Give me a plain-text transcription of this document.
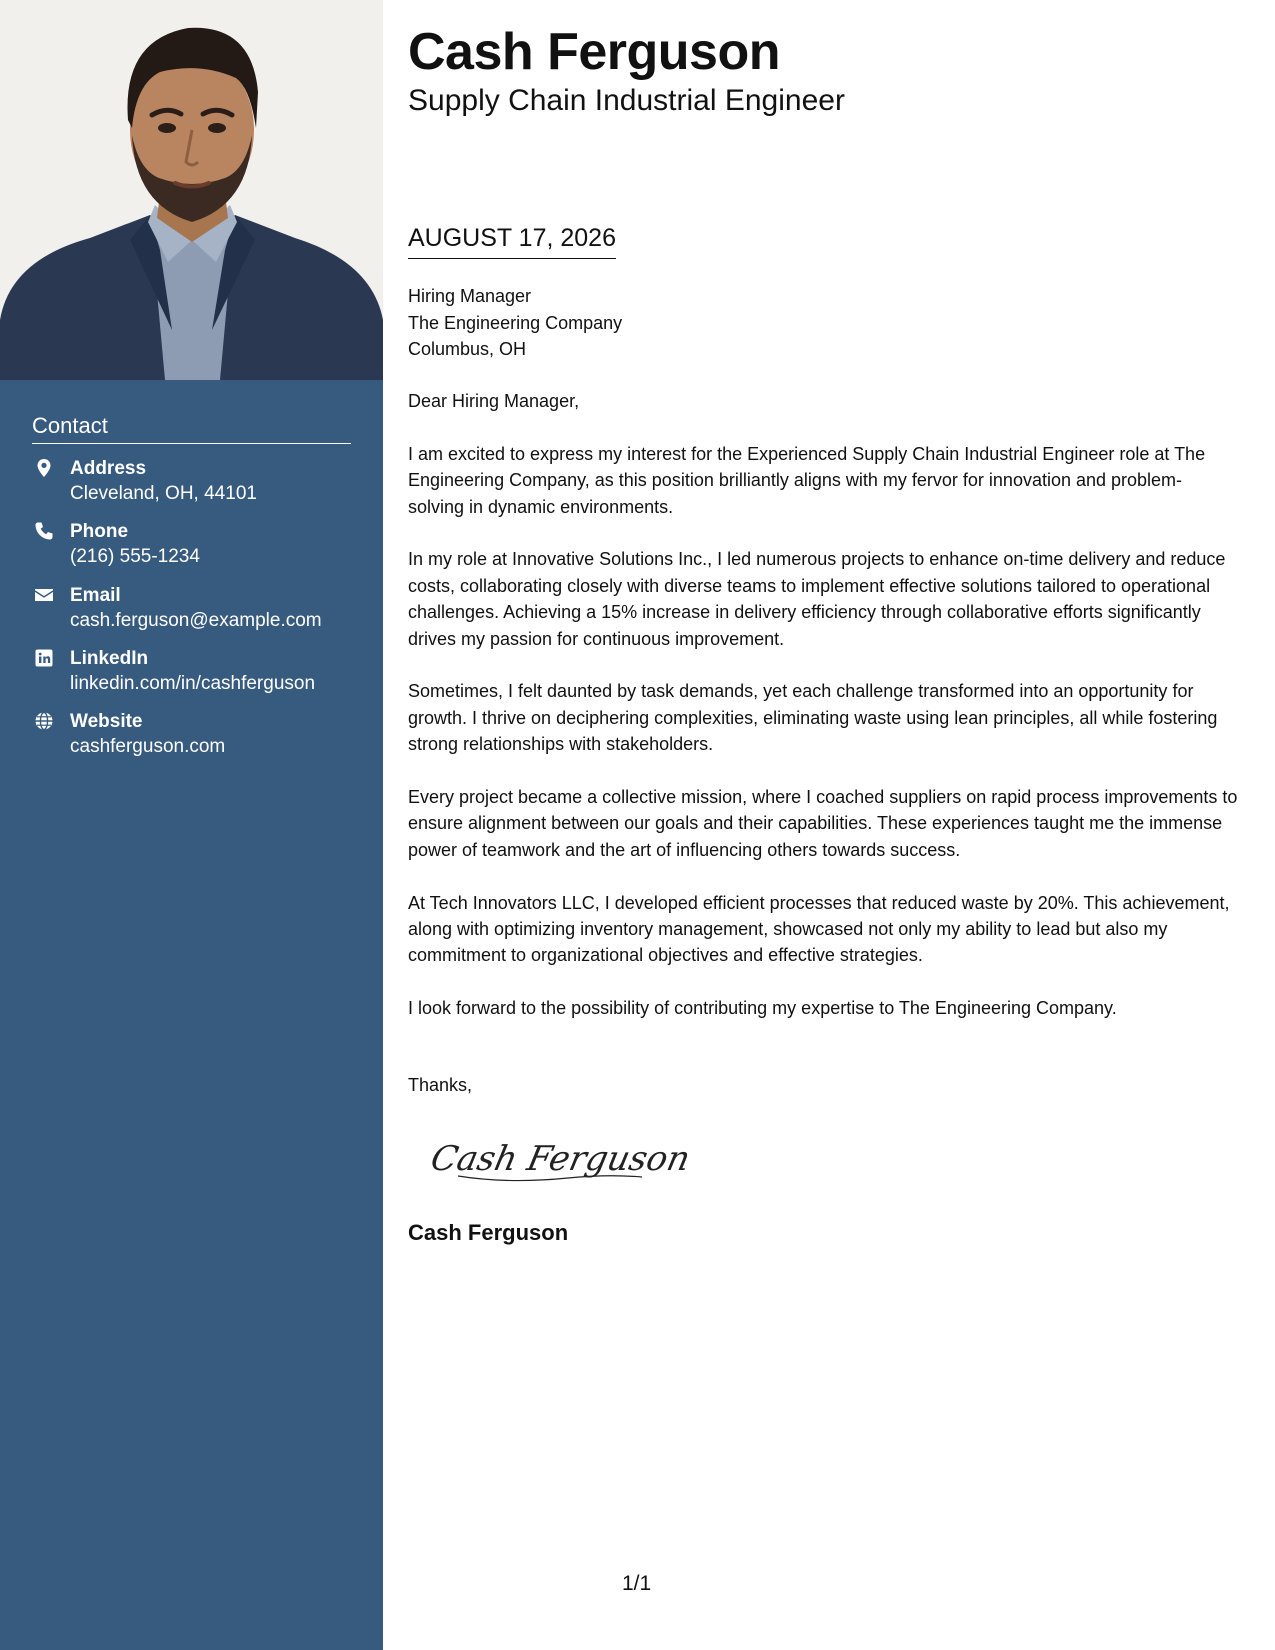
Contact
Address
Cleveland, OH, 44101
Phone
(216) 555-1234
Email
cash.ferguson@example.com
LinkedIn
linkedin.com/in/cashferguson
Website
cashferguson.com
Cash Ferguson
Supply Chain Industrial Engineer
AUGUST 17, 2026
Hiring Manager
The Engineering Company
Columbus, OH

Dear Hiring Manager,

I am excited to express my interest for the Experienced Supply Chain Industrial Engineer role at The Engineering Company, as this position brilliantly aligns with my fervor for innovation and problem-solving in dynamic environments.

In my role at Innovative Solutions Inc., I led numerous projects to enhance on-time delivery and reduce costs, collaborating closely with diverse teams to implement effective solutions tailored to operational challenges. Achieving a 15% increase in delivery efficiency through collaborative efforts significantly drives my passion for continuous improvement.

Sometimes, I felt daunted by task demands, yet each challenge transformed into an opportunity for growth. I thrive on deciphering complexities, eliminating waste using lean principles, all while fostering strong relationships with stakeholders.

Every project became a collective mission, where I coached suppliers on rapid process improvements to ensure alignment between our goals and their capabilities. These experiences taught me the immense power of teamwork and the art of influencing others towards success.

At Tech Innovators LLC, I developed efficient processes that reduced waste by 20%. This achievement, along with optimizing inventory management, showcased not only my ability to lead but also my commitment to organizational objectives and effective strategies.

I look forward to the possibility of contributing my expertise to The Engineering Company.

Thanks,
Cash Ferguson
Cash Ferguson
1/1
